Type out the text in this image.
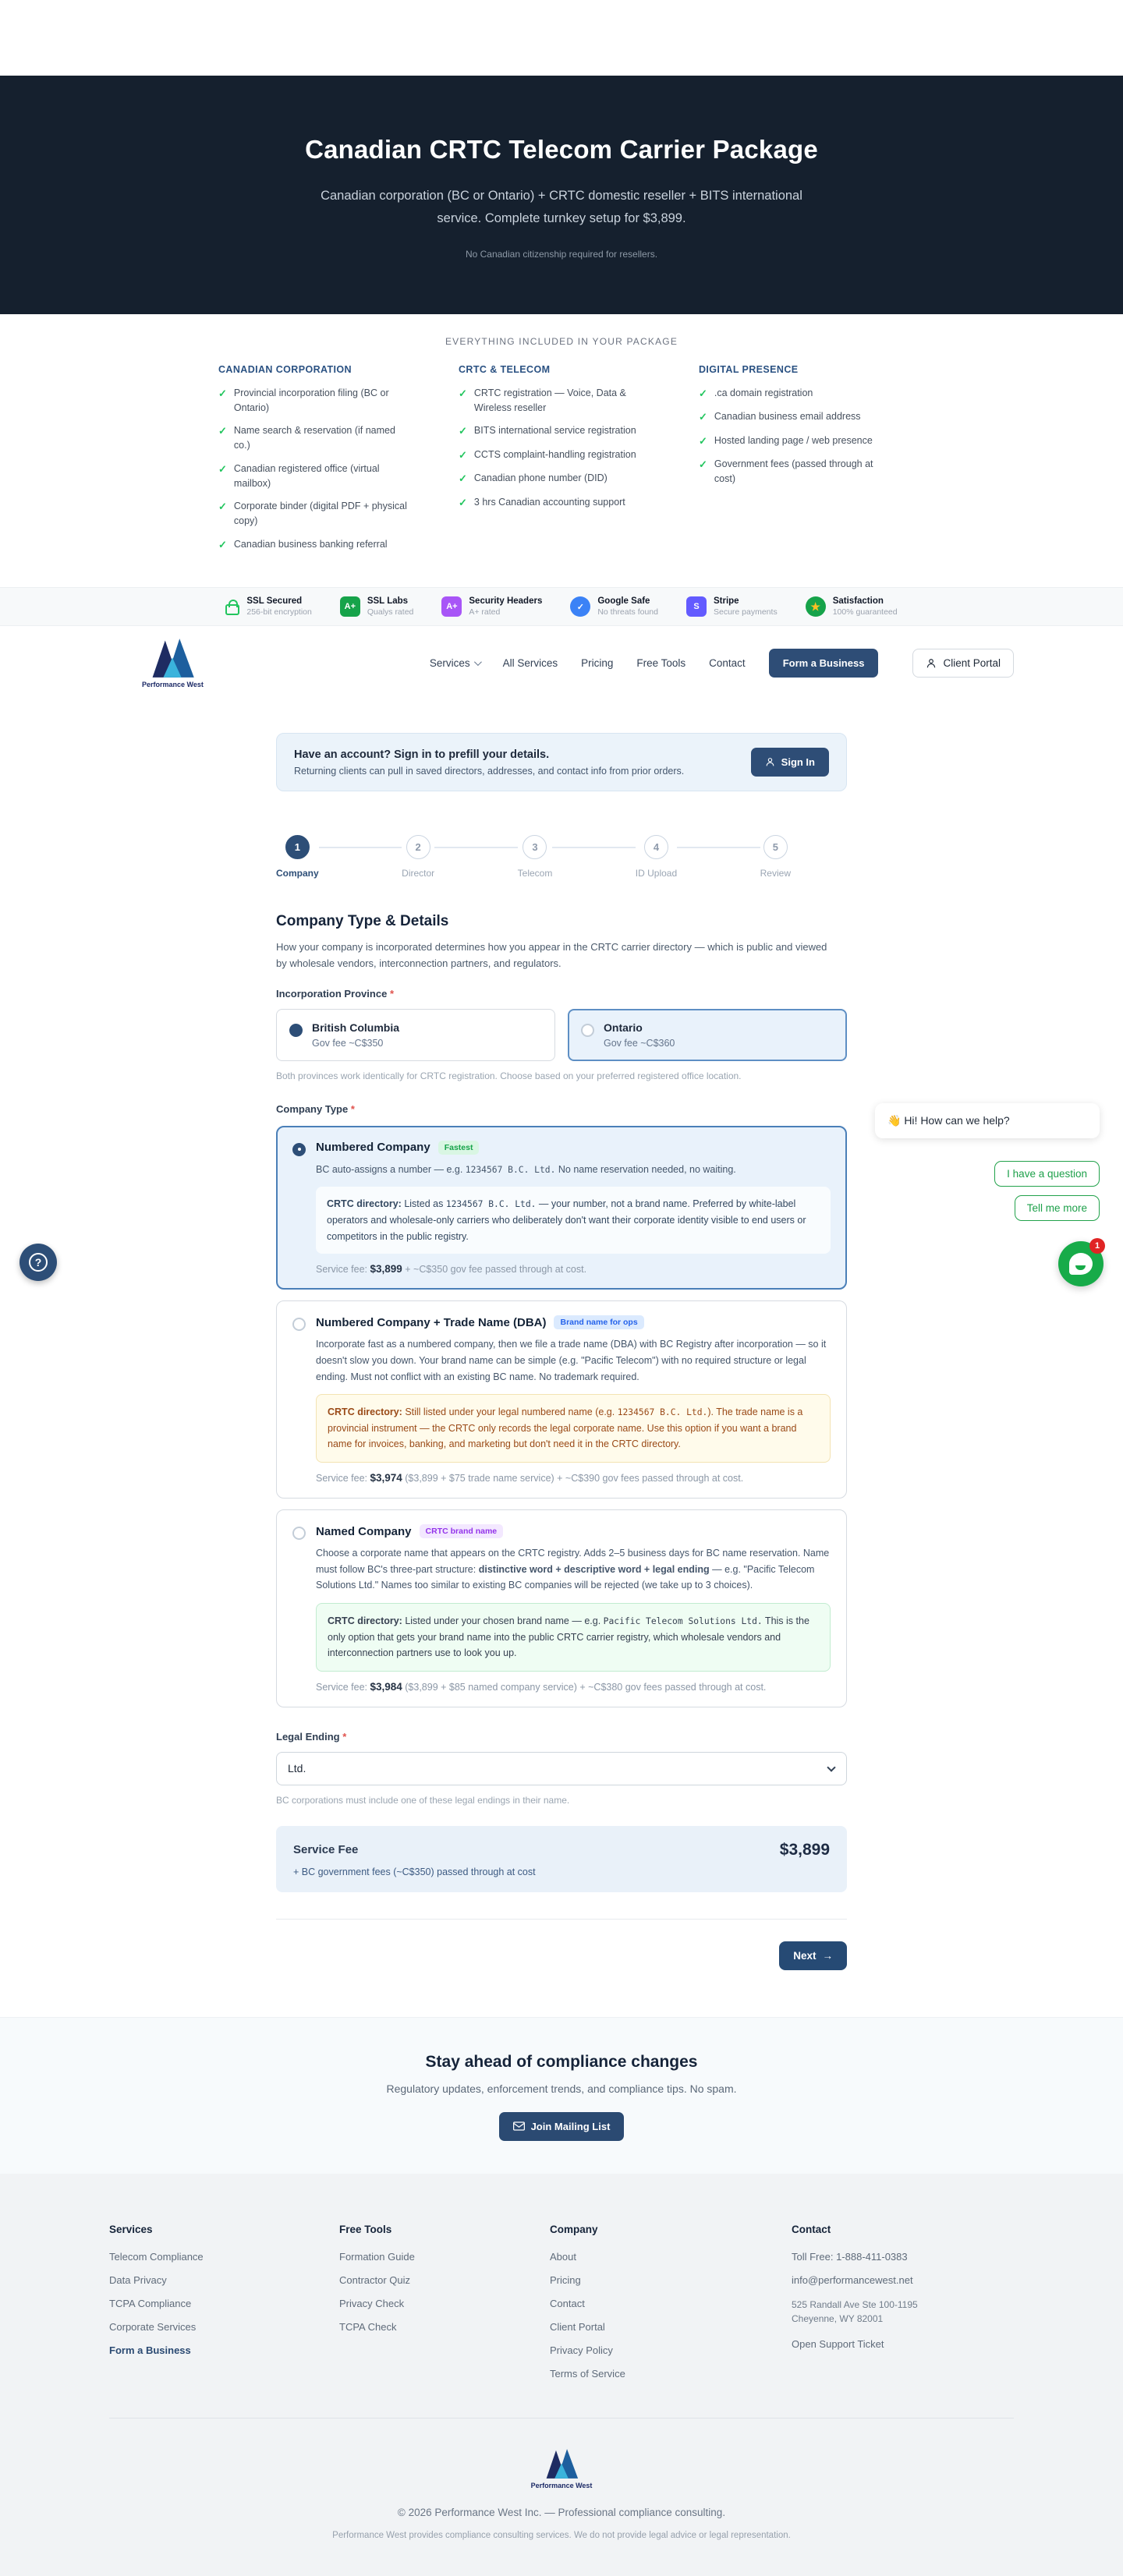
Canadian CRTC Telecom Carrier Package
Canadian corporation (BC or Ontario) + CRTC domestic reseller + BITS international service. Complete turnkey setup for $3,899.
No Canadian citizenship required for resellers.
EVERYTHING INCLUDED IN YOUR PACKAGE
CANADIAN CORPORATION
✓ Provincial incorporation filing (BC or Ontario)
✓ Name search & reservation (if named co.)
✓ Canadian registered office (virtual mailbox)
✓ Corporate binder (digital PDF + physical copy)
✓ Canadian business banking referral
CRTC & TELECOM
✓ CRTC registration — Voice, Data & Wireless reseller
✓ BITS international service registration
✓ CCTS complaint-handling registration
✓ Canadian phone number (DID)
✓ 3 hrs Canadian accounting support
DIGITAL PRESENCE
✓ .ca domain registration
✓ Canadian business email address
✓ Hosted landing page / web presence
✓ Government fees (passed through at cost)
SSL Secured
256-bit encryption
A+
SSL Labs
Qualys rated
A+
Security Headers
A+ rated
✓
Google Safe
No threats found
S
Stripe
Secure payments	★	Satisfaction
100% guaranteed
Performance West
Services	All Services Pricing Free Tools Contact	Form a Business	Client Portal
Have an account? Sign in to prefill your details.
Returning clients can pull in saved directors, addresses, and contact info from prior orders.
Sign In
1
Company
2
Director
3
Telecom
4
ID Upload
5
Review
Company Type & Details

How your company is incorporated determines how you appear in the CRTC carrier directory — which is public and viewed by wholesale vendors, interconnection partners, and regulators.

Incorporation Province *
British Columbia
Gov fee ~C$350
Ontario
Gov fee ~C$360
Both provinces work identically for CRTC registration. Choose based on your preferred registered office location.
Company Type *
Numbered Company	Fastest
BC auto-assigns a number — e.g. 1234567 B.C. Ltd. No name reservation needed, no waiting.
CRTC directory: Listed as 1234567 B.C. Ltd. — your number, not a brand name. Preferred by white-label operators and wholesale-only carriers who deliberately don't want their corporate identity visible to end users or competitors in the public registry.
Service fee: $3,899 + ~C$350 gov fee passed through at cost.
Numbered Company + Trade Name (DBA)	Brand name for ops
Incorporate fast as a numbered company, then we file a trade name (DBA) with BC Registry after incorporation — so it doesn't slow you down. Your brand name can be simple (e.g. "Pacific Telecom") with no required structure or legal ending. Must not conflict with an existing BC name. No trademark required.
CRTC directory: Still listed under your legal numbered name (e.g. 1234567 B.C. Ltd.). The trade name is a provincial instrument — the CRTC only records the legal corporate name. Use this option if you want a brand name for invoices, banking, and marketing but don't need it in the CRTC directory.
Service fee: $3,974 ($3,899 + $75 trade name service) + ~C$390 gov fees passed through at cost.
Named Company	CRTC brand name
Choose a corporate name that appears on the CRTC registry. Adds 2–5 business days for BC name reservation. Name must follow BC's three-part structure: distinctive word + descriptive word + legal ending — e.g. "Pacific Telecom Solutions Ltd." Names too similar to existing BC companies will be rejected (we take up to 3 choices).
CRTC directory: Listed under your chosen brand name — e.g. Pacific Telecom Solutions Ltd. This is the only option that gets your brand name into the public CRTC carrier registry, which wholesale vendors and interconnection partners use to look you up.
Service fee: $3,984 ($3,899 + $85 named company service) + ~C$380 gov fees passed through at cost.
Legal Ending *
Ltd.
BC corporations must include one of these legal endings in their name.
Service Fee	$3,899
+ BC government fees (~C$350) passed through at cost
Next →
Stay ahead of compliance changes

Regulatory updates, enforcement trends, and compliance tips. No spam.

Join Mailing List
Services
Telecom Compliance
Data Privacy
TCPA Compliance
Corporate Services
Form a Business
Free Tools
Formation Guide
Contractor Quiz
Privacy Check
TCPA Check
Company
About
Pricing
Contact
Client Portal
Privacy Policy
Terms of Service
Contact
Toll Free: 1-888-411-0383
info@performancewest.net
525 Randall Ave Ste 100-1195
Cheyenne, WY 82001
Open Support Ticket
Performance West
© 2026 Performance West Inc. — Professional compliance consulting.
Performance West provides compliance consulting services. We do not provide legal advice or legal representation.
👋 Hi! How can we help?
I have a question
Tell me more
1
?
